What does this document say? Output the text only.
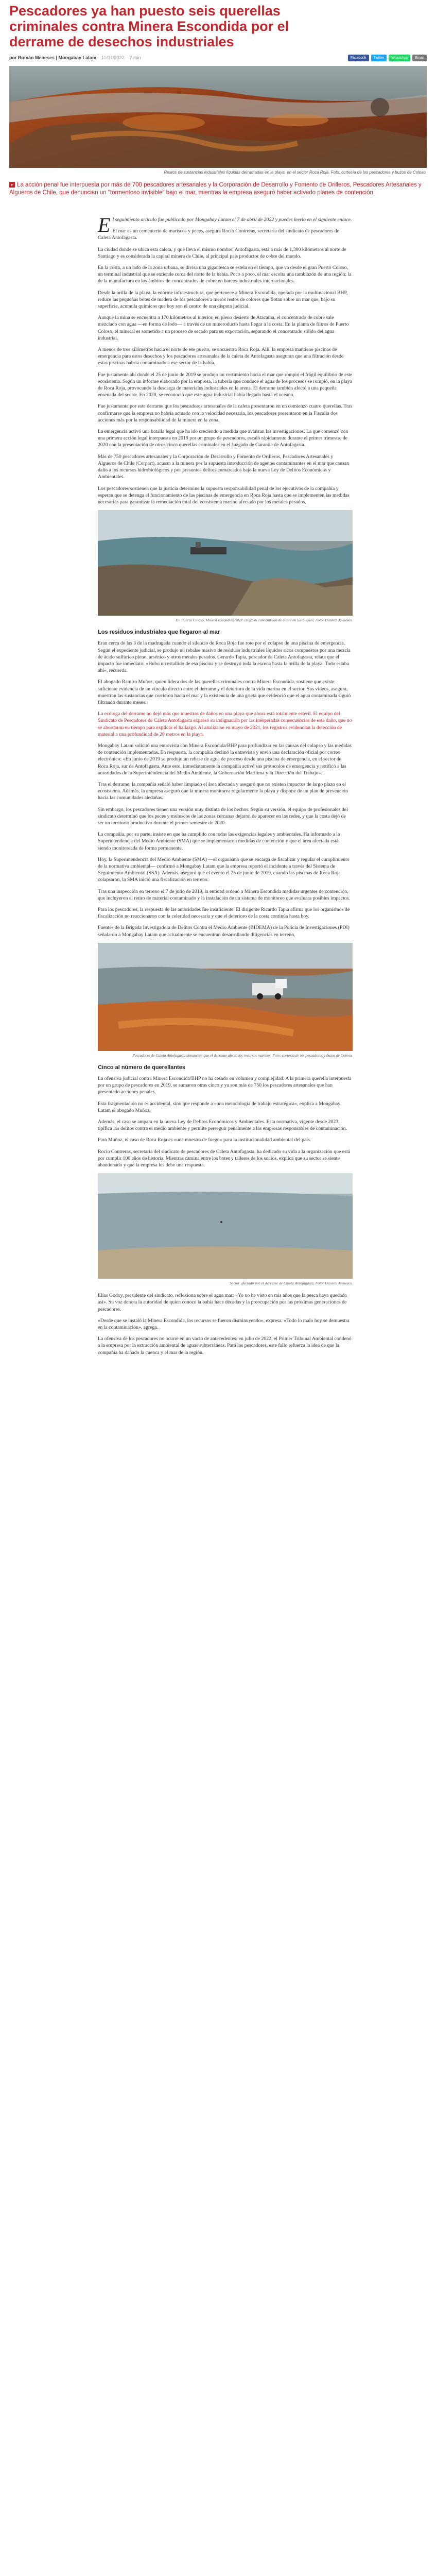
Pescadores ya han puesto seis querellas criminales contra Minera Escondida por el derrame de desechos industriales
por Román Meneses | Mongabay Latam 11/07/2022 7 min	Facebook	Twitter	WhatsApp	Email
Restos de sustancias industriales líquidas derramadas en la playa, en el sector Roca Roja. Foto: cortesía de los pescadores y buzos de Coloso.
▸ La acción penal fue interpuesta por más de 700 pescadores artesanales y la Corporación de Desarrollo y Fomento de Orilleros, Pescadores Artesanales y Algueros de Chile, que denuncian un "tormentoso invisible" bajo el mar, mientras la empresa aseguró haber activado planes de contención.

El seguimiento artículo fue publicado por Mongabay Latam el 7 de abril de 2022 y puedes leerlo en el siguiente enlace.

El mar es un cementerio de mariscos y peces, asegura Rocío Contreras, secretaria del sindicato de pescadores de Caleta Antofagasta.

La ciudad donde se ubica esta caleta, y que lleva el mismo nombre, Antofagasta, está a más de 1,300 kilómetros al norte de Santiago y es considerada la capital minera de Chile, al principal país productor de cobre del mundo.

En la costa, a un lado de la zona urbana, se divisa una gigantesca se estela en el tiempo, que va desde el gran Puerto Coloso, un terminal industrial que se extiende cerca del norte de la bahía. Poco a poco, el mar escolta una ramblazón de una región; la de la manufactura en los ámbitos de concentrados de cobre en barcos industriales internacionales.

Desde la orilla de la playa, la enorme infraestructura, que pertenece a Minera Escondida, operada por la multinacional BHP, reduce las pequeñas botes de madera de los pescadores a meros restos de colores que flotan sobre un mar que, bajo su superficie, acumula químicos que hoy son el centro de una disputa judicial.

Aunque la mina se encuentra a 170 kilómetros al interior, en pleno desierto de Atacama, el concentrado de cobre sale mezclado con agua —en forma de lodo— a través de un mineroducto hasta llegar a la costa. En la planta de filtros de Puerto Coloso, el mineral es sometido a un proceso de secado para su exportación, separando el concentrado sólido del agua industrial.

A menos de tres kilómetros hacia el norte de ese puerto, se encuentra Roca Roja. Allí, la empresa mantiene piscinas de emergencia para estos desechos y los pescadores artesanales de la caleta de Antofagasta aseguran que una filtración desde estas piscinas habría contaminado a ese sector de la bahía.

Fue justamente ahí donde el 25 de junio de 2019 se produjo un vertimiento hacia el mar que rompió el frágil equilibrio de este ecosistema. Según un informe elaborado por la empresa, la tubería que conduce el agua de los procesos se rompió, en la playa de Roca Roja, provocando la descarga de materiales industriales en la arena. El derrame también afectó a una pequeña ensenada del sector. En 2020, se reconoció que este agua industrial había llegado hasta el océano.

Fue justamente por este derrame que los pescadores artesanales de la caleta presentaron en un comienzo cuatro querellas. Tras confirmarse que la empresa no habría actuado con la velocidad necesaria, los pescadores presentaron en la Fiscalía dos acciones más por la responsabilidad de la minera en la zona.

La emergencia activó una batalla legal que ha ido creciendo a medida que avanzan las investigaciones. La que comenzó con una primera acción legal interpuesta en 2019 por un grupo de pescadores, escaló rápidamente durante el primer trimestre de 2020 con la presentación de otros cinco querellas criminales en el Juzgado de Garantía de Antofagasta.

Más de 750 pescadores artesanales y la Corporación de Desarrollo y Fomento de Orilleros, Pescadores Artesanales y Algueros de Chile (Corpart), acusan a la minera por la supuesta introducción de agentes contaminantes en el mar que causan daño a los recursos hidrobiológicos y por presuntos delitos enmarcados bajo la nueva Ley de Delitos Económicos y Ambientales.

Los pescadores sostienen que la justicia determine la supuesta responsabilidad penal de los ejecutivos de la compañía y esperan que se detenga el funcionamiento de las piscinas de emergencia en Roca Roja hasta que se implementen las medidas necesarias para garantizar la remediación total del ecosistema marino afectado por los metales pesados.

En Puerto Coloso, Minera Escondida/BHP carga su concentrado de cobre en los buques. Foto: Daniela Meneses.
Los residuos industriales que llegaron al mar

Eran cerca de las 3 de la madrugada cuando el silencio de Roca Roja fue roto por el colapso de una piscina de emergencia. Según el expediente judicial, se produjo un rebalse masivo de residuos industriales líquidos ricos compuestos por una mezcla de ácido sulfúrico pleno, arsénico y otros metales pesados. Gerardo Tapia, pescador de Caleta Antofagasta, relata que el impacto fue inmediato: «Hubo un estallido de esa piscina y se destruyó toda la escena hasta la orilla de la playa. Todo estaba ahí», recuerda.

El abogado Ramiro Muñoz, quien lidera dos de las querellas criminales contra Minera Escondida, sostiene que existe suficiente evidencia de un vínculo directo entre el derrame y el deterioro de la vida marina en el sector. Sus videos, asegura, muestran las sustancias que corrieron hacia el mar y la existencia de una grieta que evidenció que el agua contaminada siguió filtrando durante meses.

La ecóloga del derrame no dejó más que muestras de daños en una playa que ahora está totalmente estéril. El equipo del Sindicato de Pescadores de Caleta Antofagasta expresó su indignación por las inesperadas consecuencias de este daño, que no se abordaron en tiempo para explicar el hallazgo. Al analizarse en mayo de 2021, los registros evidencian la detección de material a una profundidad de 20 metros en la playa.

Mongabay Latam solicitó una entrevista con Minera Escondida/BHP para profundizar en las causas del colapso y las medidas de contención implementadas. En respuesta, la compañía declinó la entrevista y envió una declaración oficial por correo electrónico: «En junio de 2019 se produjo un rebase de agua de proceso desde una piscina de emergencia, en el sector de Roca Roja, sur de Antofagasta. Ante esto, inmediatamente la compañía activó sus protocolos de emergencia y notificó a las autoridades de la Superintendencia del Medio Ambiente, la Gobernación Marítima y la Dirección del Trabajo».

Tras el derrame, la compañía señaló haber limpiado el área afectada y aseguró que no existen impactos de largo plazo en el ecosistema. Además, la empresa aseguró que la minera monitorea regularmente la playa y dispone de un plan de prevención hacia las comunidades aledañas.

Sin embargo, los pescadores tienen una versión muy distinta de los hechos. Según su versión, el equipo de profesionales del sindicato determinó que los peces y moluscos de las zonas cercanas dejaron de aparecer en las redes, y que la costa dejó de ser un territorio productivo durante el primer semestre de 2020.

La compañía, por su parte, insiste en que ha cumplido con todas las exigencias legales y ambientales. Ha informado a la Superintendencia del Medio Ambiente (SMA) que se implementaron medidas de contención y que el área afectada está siendo monitoreada de forma permanente.

Hoy, la Superintendencia del Medio Ambiente (SMA) —el organismo que se encarga de fiscalizar y regular el cumplimiento de la normativa ambiental— confirmó a Mongabay Latam que la empresa reportó el incidente a través del Sistema de Seguimiento Ambiental (SSA). Además, aseguró que el evento el 25 de junio de 2019, cuando las piscinas de Roca Roja colapsaron, la SMA inició una fiscalización en terreno.

Tras una inspección en terreno el 7 de julio de 2019, la entidad ordenó a Minera Escondida medidas urgentes de contención, que incluyeron el retiro de material contaminado y la instalación de un sistema de monitoreo que evaluara posibles impactos.

Para los pescadores, la respuesta de las autoridades fue insuficiente. El dirigente Ricardo Tapia afirma que los organismos de fiscalización no reaccionaron con la celeridad necesaria y que el deterioro de la costa continúa hasta hoy.

Fuentes de la Brigada Investigadora de Delitos Contra el Medio Ambiente (BIDEMA) de la Policía de Investigaciones (PDI) señalaron a Mongabay Latam que actualmente se encuentran desarrollando diligencias en terreno.

Pescadores de Caleta Antofagasta denuncian que el derrame afectó los recursos marinos. Foto: cortesía de los pescadores y buzos de Coloso.
Cinco al número de querellantes

La ofensiva judicial contra Minera Escondida/BHP no ha cesado en volumen y complejidad. A la primera querella interpuesta por un grupo de pescadores en 2019, se sumaron otras cinco y ya son más de 750 los pescadores artesanales que han presentado acciones penales.

Esta fragmentación no es accidental, sino que responde a «una metodología de trabajo estratégica», explica a Mongabay Latam el abogado Muñoz.

Además, el caso se ampara en la nueva Ley de Delitos Económicos y Ambientales. Esta normativa, vigente desde 2023, tipifica los delitos contra el medio ambiente y permite perseguir penalmente a las empresas responsables de contaminación.

Para Muñoz, el caso de Roca Roja es «una muestra de fuego» para la institucionalidad ambiental del país.

Rocío Contreras, secretaria del sindicato de pescadores de Caleta Antofagasta, ha dedicado su vida a la organización que está por cumplir 100 años de historia. Mientras camina entre los botes y talleres de los socios, explica que su sector se siente abandonado y que la empresa les debe una respuesta.

Sector afectado por el derrame de Caleta Antofagasta. Foto: Daniela Meneses.

Elías Godoy, presidente del sindicato, reflexiona sobre el agua mar: «Yo no he visto en mis años que la pesca haya quedado así». Su voz denota la autoridad de quien conoce la bahía hace décadas y la preocupación por las próximas generaciones de pescadores.

«Desde que se instaló la Minera Escondida, los recursos se fueron disminuyendo», expresa. «Todo lo malo hoy se demuestra en la contaminación», agrega.

La ofensiva de los pescadores no ocurre en un vacío de antecedentes: en julio de 2022, el Primer Tribunal Ambiental condenó a la empresa por la extracción ambiental de aguas subterráneas. Para los pescadores, este fallo refuerza la idea de que la compañía ha dañado la cuenca y el mar de la región.
